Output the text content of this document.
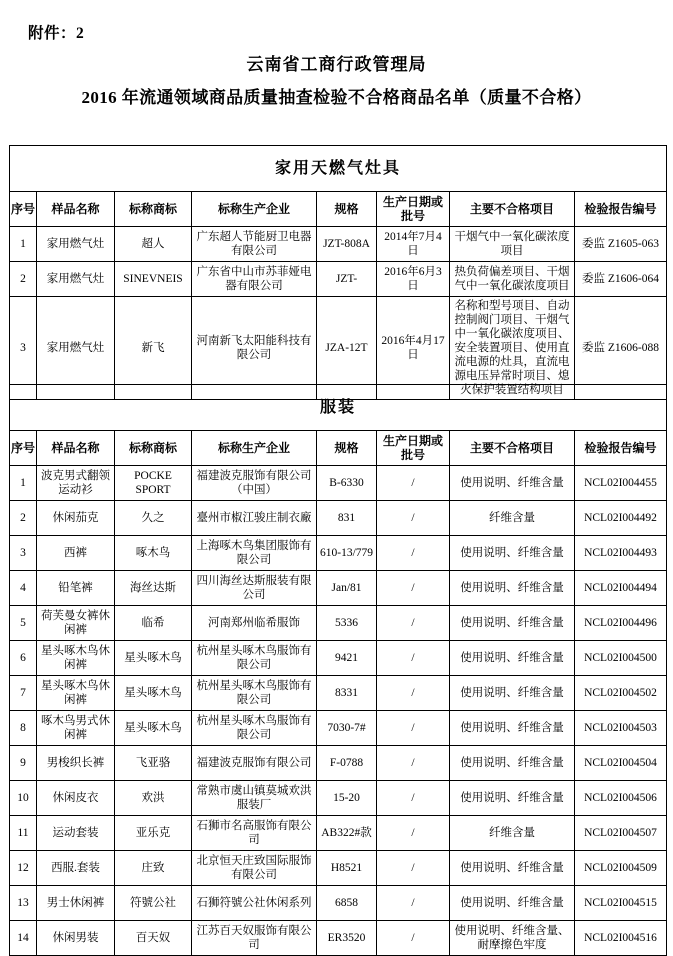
附件：2
云南省工商行政管理局
2016 年流通领域商品质量抽查检验不合格商品名单（质量不合格）
家用天燃气灶具							
序号	样品名称	标称商标	标称生产企业	规格	生产日期或批号	主要不合格项目	检验报告编号
1	家用燃气灶	超人	广东超人节能厨卫电器有限公司	JZT-808A	2014年7月4日	干烟气中一氧化碳浓度项目	委监 Z1605-063
2	家用燃气灶	SINEVNEIS	广东省中山市苏菲娅电器有限公司	JZT-	2016年6月3日	热负荷偏差项目、干烟气中一氧化碳浓度项目	委监 Z1606-064
3	家用燃气灶	新飞	河南新飞太阳能科技有限公司	JZA-12T	2016年4月17日	名称和型号项目、自动控制阀门项目、干烟气中一氧化碳浓度项目、安全装置项目、使用直流电源的灶具，直流电源电压异常时项目、熄火保护装置结构项目	委监 Z1606-088
服装							
序号	样品名称	标称商标	标称生产企业	规格	生产日期或批号	主要不合格项目	检验报告编号
1	波克男式翻领运动衫	POCKE SPORT	福建波克服饰有限公司（中国）	B-6330	/	使用说明、纤维含量	NCL02I004455
2	休闲茄克	久之	臺州市椒江骏庄制衣廠	831	/	纤维含量	NCL02I004492
3	西裤	啄木鸟	上海啄木鸟集团服饰有限公司	610-13/779	/	使用说明、纤维含量	NCL02I004493
4	铅笔裤	海丝达斯	四川海丝达斯服装有限公司	Jan/81	/	使用说明、纤维含量	NCL02I004494
5	荷芙曼女裤休闲裤	临希	河南郑州临希服饰	5336	/	使用说明、纤维含量	NCL02I004496
6	星头啄木鸟休闲裤	星头啄木鸟	杭州星头啄木鸟服饰有限公司	9421	/	使用说明、纤维含量	NCL02I004500
7	星头啄木鸟休闲裤	星头啄木鸟	杭州星头啄木鸟服饰有限公司	8331	/	使用说明、纤维含量	NCL02I004502
8	啄木鸟男式休闲裤	星头啄木鸟	杭州星头啄木鸟服饰有限公司	7030-7#	/	使用说明、纤维含量	NCL02I004503
9	男梭织长裤	飞亚骆	福建波克服饰有限公司	F-0788	/	使用说明、纤维含量	NCL02I004504
10	休闲皮衣	欢洪	常熟市虞山镇莫城欢洪服装厂	15-20	/	使用说明、纤维含量	NCL02I004506
11	运动套装	亚乐克	石狮市名高服饰有限公司	AB322#款	/	纤维含量	NCL02I004507
12	西服.套装	庄致	北京恒天庄致国际服饰有限公司	H8521	/	使用说明、纤维含量	NCL02I004509
13	男士休闲裤	符號公社	石狮符號公社休闲系列	6858	/	使用说明、纤维含量	NCL02I004515
14	休闲男装	百天奴	江苏百天奴服饰有限公司	ER3520	/	使用说明、纤维含量、耐摩擦色牢度	NCL02I004516
